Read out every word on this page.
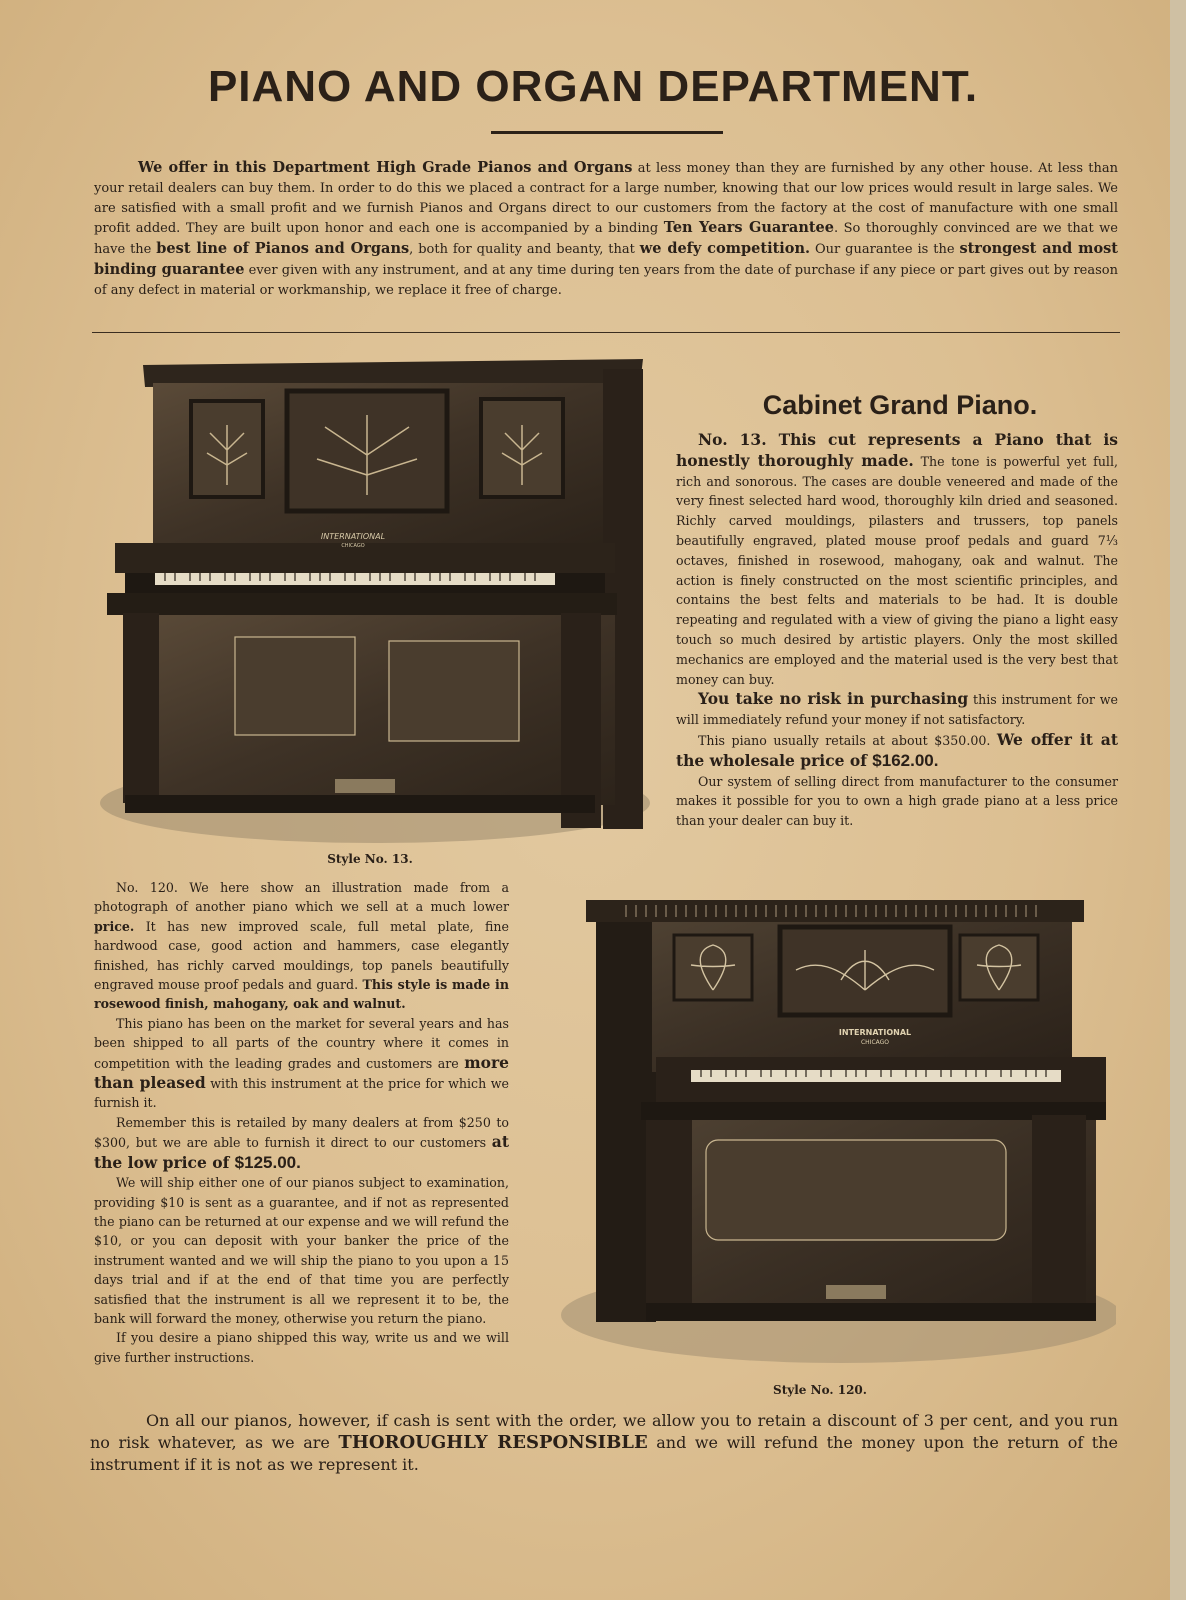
PIANO AND ORGAN DEPARTMENT.
We offer in this Department High Grade Pianos and Organs at less money than they are furnished by any other house. At less than your retail dealers can buy them. In order to do this we placed a contract for a large number, knowing that our low prices would result in large sales. We are satisfied with a small profit and we furnish Pianos and Organs direct to our customers from the factory at the cost of manufacture with one small profit added. They are built upon honor and each one is accompanied by a binding Ten Years Guarantee. So thoroughly convinced are we that we have the best line of Pianos and Organs, both for quality and beanty, that we defy competition. Our guarantee is the strongest and most binding guarantee ever given with any instrument, and at any time during ten years from the date of purchase if any piece or part gives out by reason of any defect in material or workmanship, we replace it free of charge.
INTERNATIONAL
CHICAGO
Style No. 13.
Cabinet Grand Piano.

No. 13. This cut represents a Piano that is honestly thoroughly made. The tone is powerful yet full, rich and sonorous. The cases are double veneered and made of the very finest selected hard wood, thoroughly kiln dried and seasoned. Richly carved mouldings, pilasters and trussers, top panels beautifully engraved, plated mouse proof pedals and guard 7⅓ octaves, finished in rosewood, mahogany, oak and walnut. The action is finely constructed on the most scientific principles, and contains the best felts and materials to be had. It is double repeating and regulated with a view of giving the piano a light easy touch so much desired by artistic players. Only the most skilled mechanics are employed and the material used is the very best that money can buy.

You take no risk in purchasing this instrument for we will immediately refund your money if not satisfactory.

This piano usually retails at about $350.00. We offer it at the wholesale price of $162.00.

Our system of selling direct from manufacturer to the consumer makes it possible for you to own a high grade piano at a less price than your dealer can buy it.

No. 120. We here show an illustration made from a photograph of another piano which we sell at a much lower price. It has new improved scale, full metal plate, fine hardwood case, good action and hammers, case elegantly finished, has richly carved mouldings, top panels beautifully engraved mouse proof pedals and guard. This style is made in rosewood finish, mahogany, oak and walnut.

This piano has been on the market for several years and has been shipped to all parts of the country where it comes in competition with the leading grades and customers are more than pleased with this instrument at the price for which we furnish it.

Remember this is retailed by many dealers at from $250 to $300, but we are able to furnish it direct to our customers at the low price of $125.00.

We will ship either one of our pianos subject to examination, providing $10 is sent as a guarantee, and if not as represented the piano can be returned at our expense and we will refund the $10, or you can deposit with your banker the price of the instrument wanted and we will ship the piano to you upon a 15 days trial and if at the end of that time you are perfectly satisfied that the instrument is all we represent it to be, the bank will forward the money, otherwise you return the piano.

If you desire a piano shipped this way, write us and we will give further instructions.

INTERNATIONAL
CHICAGO
Style No. 120.
On all our pianos, however, if cash is sent with the order, we allow you to retain a discount of 3 per cent, and you run no risk whatever, as we are THOROUGHLY RESPONSIBLE and we will refund the money upon the return of the instrument if it is not as we represent it.
